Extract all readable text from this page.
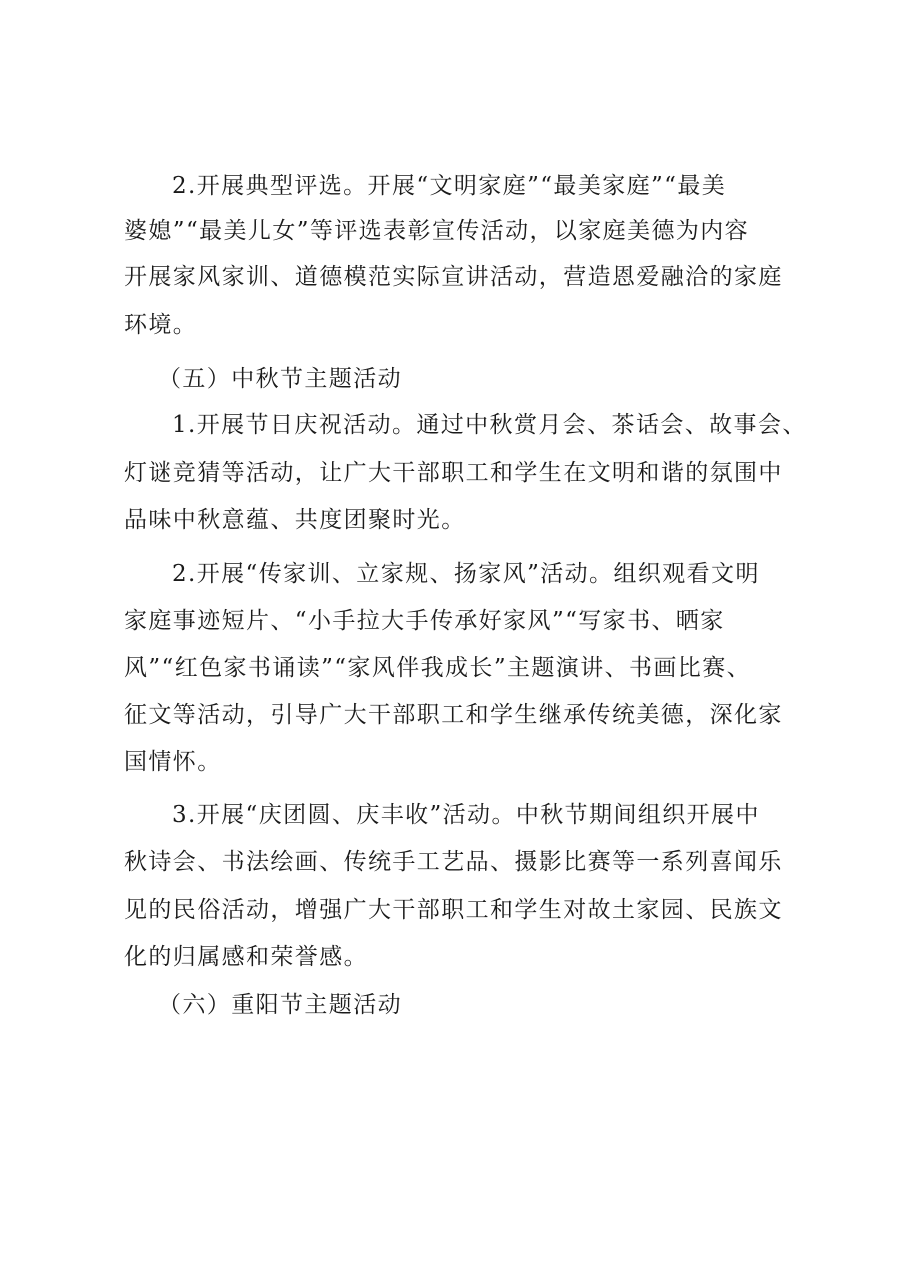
2.开展典型评选。开展“文明家庭”“最美家庭”“最美
婆媳”“最美儿女”等评选表彰宣传活动，以家庭美德为内容
开展家风家训、道德模范实际宣讲活动，营造恩爱融洽的家庭
环境。
（五）中秋节主题活动
1.开展节日庆祝活动。通过中秋赏月会、茶话会、故事会、
灯谜竞猜等活动，让广大干部职工和学生在文明和谐的氛围中
品味中秋意蕴、共度团聚时光。
2.开展“传家训、立家规、扬家风”活动。组织观看文明
家庭事迹短片、“小手拉大手传承好家风”“写家书、晒家
风”“红色家书诵读”“家风伴我成长”主题演讲、书画比赛、
征文等活动，引导广大干部职工和学生继承传统美德，深化家
国情怀。
3.开展“庆团圆、庆丰收”活动。中秋节期间组织开展中
秋诗会、书法绘画、传统手工艺品、摄影比赛等一系列喜闻乐
见的民俗活动，增强广大干部职工和学生对故土家园、民族文
化的归属感和荣誉感。
（六）重阳节主题活动
